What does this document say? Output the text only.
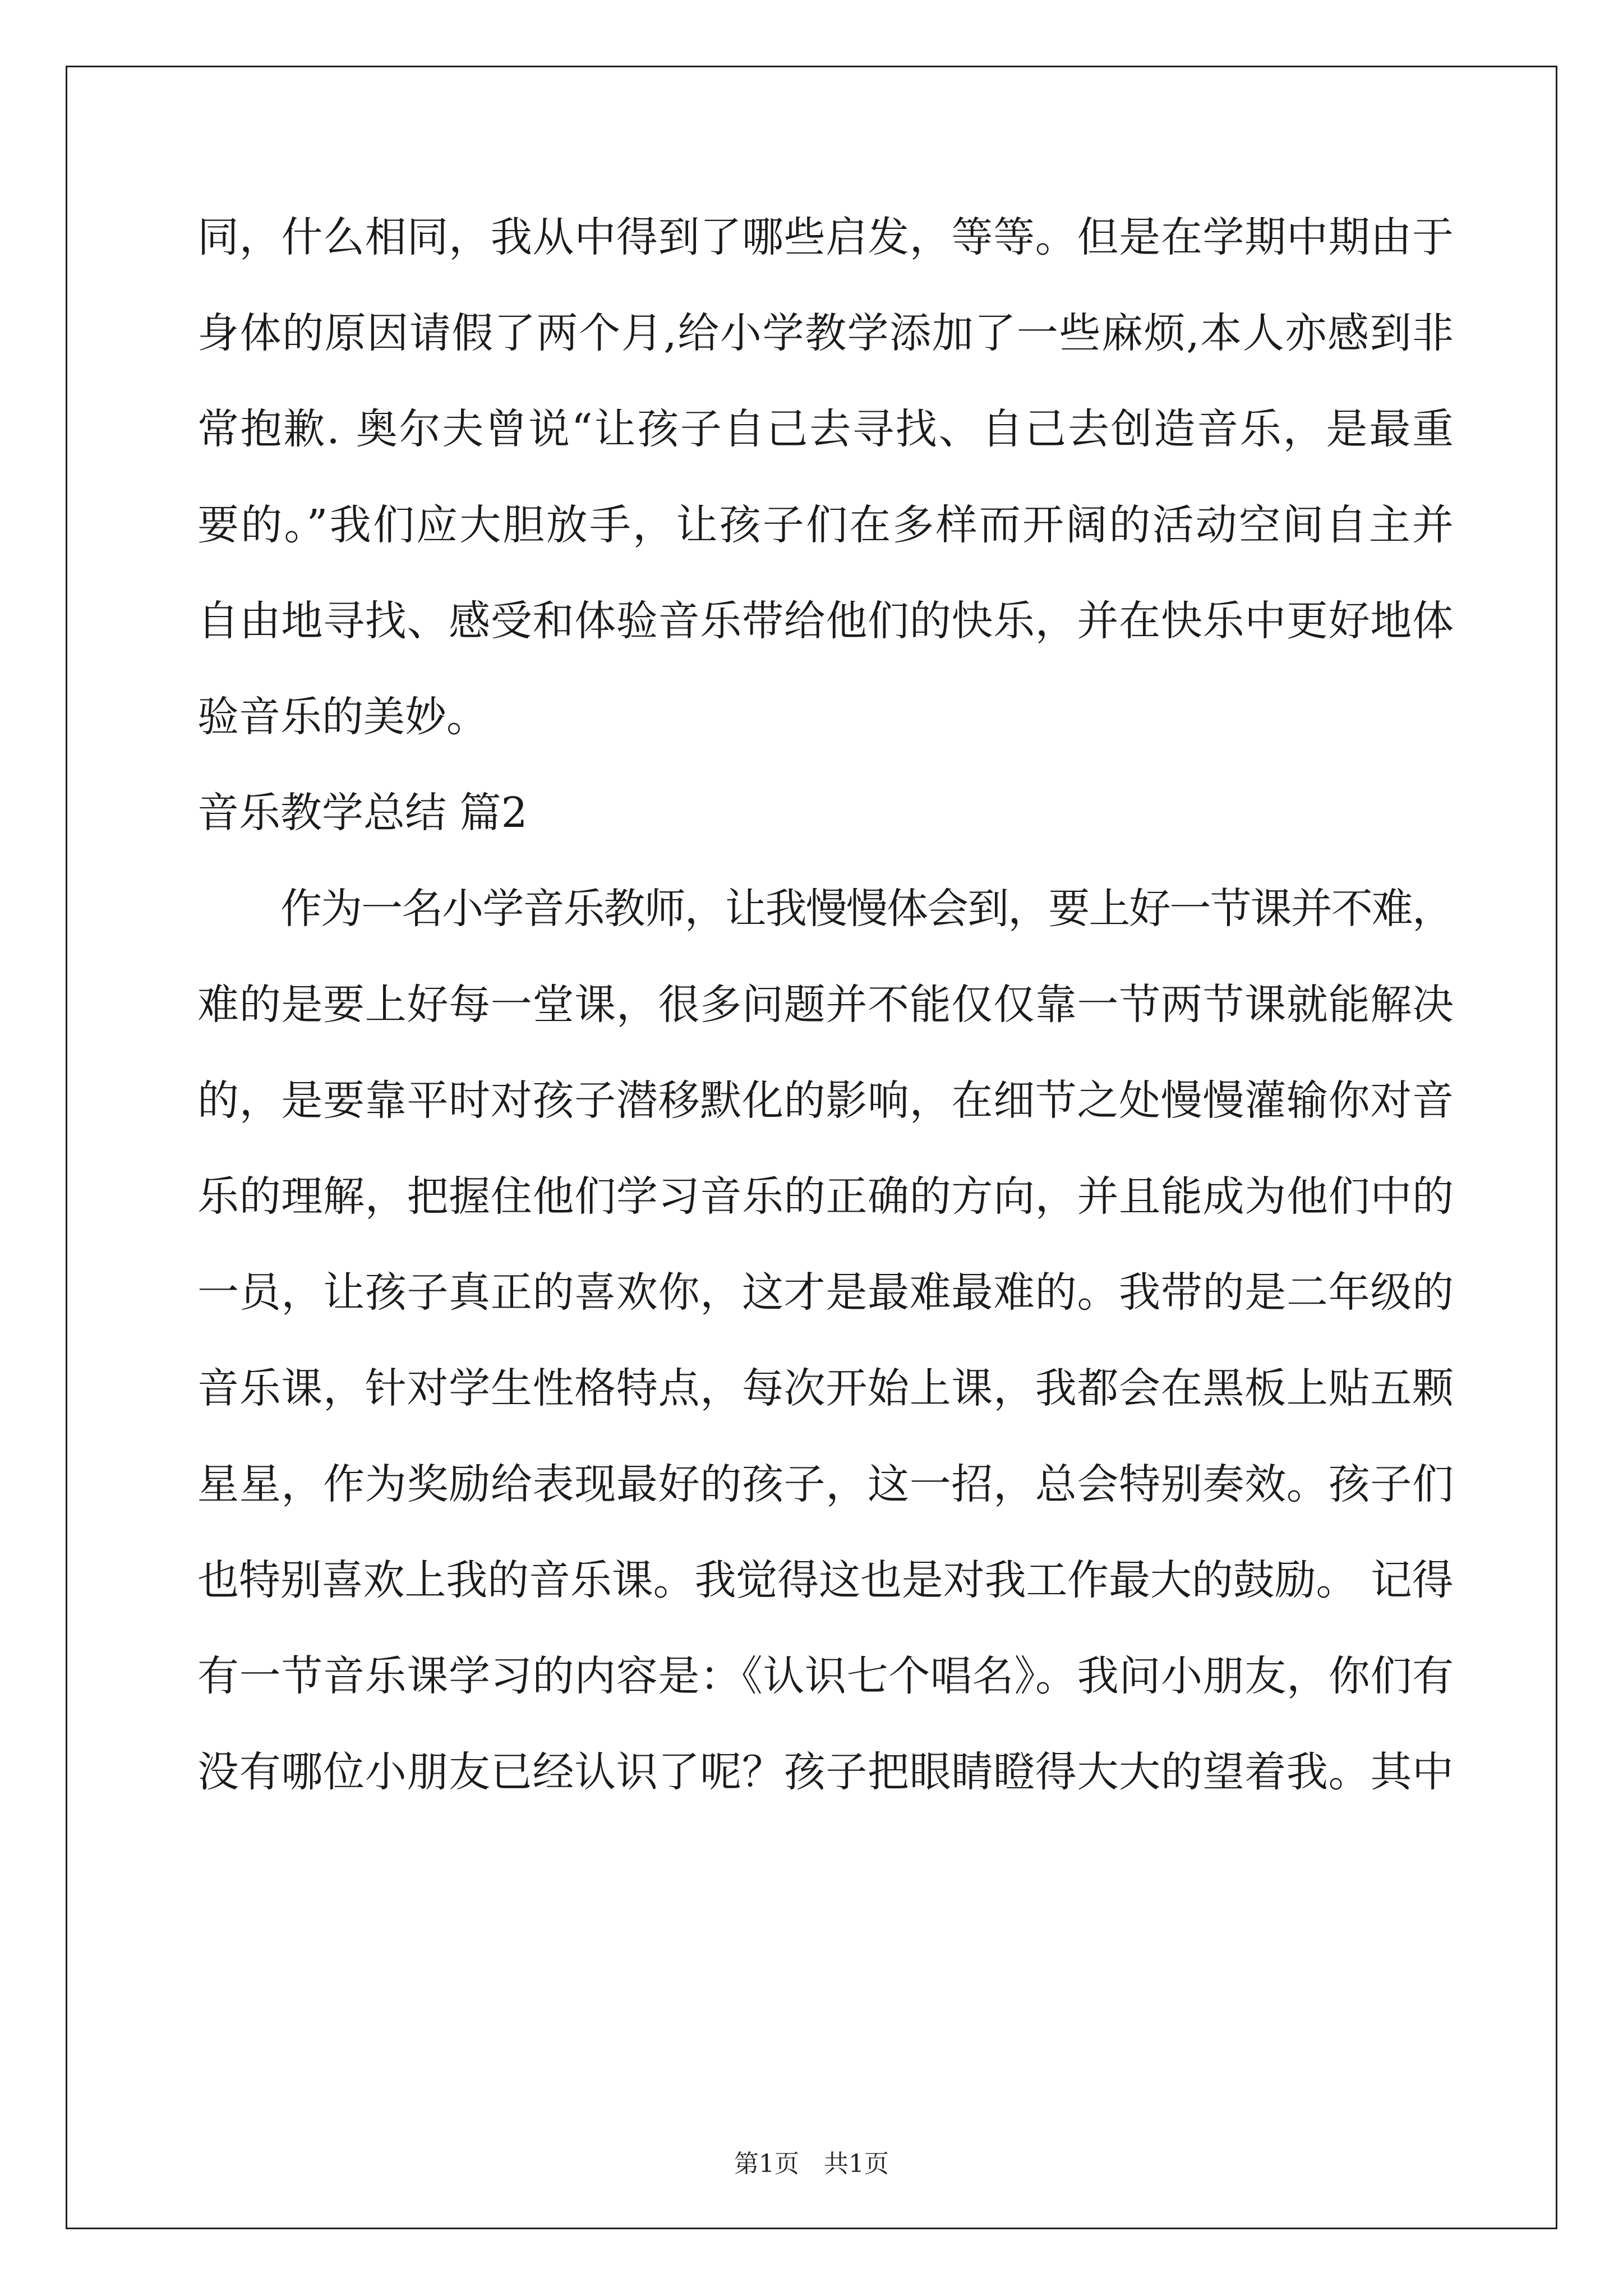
同，什么相同，我从中得到了哪些启发，等等。但是在学期中期由于
身体的原因请假了两个月,给小学教学添加了一些麻烦,本人亦感到非
常抱歉. 奥尔夫曾说“让孩子自己去寻找、自己去创造音乐，是最重
要的。”我们应大胆放手，让孩子们在多样而开阔的活动空间自主并
自由地寻找、感受和体验音乐带给他们的快乐，并在快乐中更好地体
验音乐的美妙。
音乐教学总结 篇2
作为一名小学音乐教师，让我慢慢体会到，要上好一节课并不难，
难的是要上好每一堂课，很多问题并不能仅仅靠一节两节课就能解决
的，是要靠平时对孩子潜移默化的影响，在细节之处慢慢灌输你对音
乐的理解，把握住他们学习音乐的正确的方向，并且能成为他们中的
一员，让孩子真正的喜欢你，这才是最难最难的。我带的是二年级的
音乐课，针对学生性格特点，每次开始上课，我都会在黑板上贴五颗
星星，作为奖励给表现最好的孩子，这一招，总会特别奏效。孩子们
也特别喜欢上我的音乐课。我觉得这也是对我工作最大的鼓励。 记得
有一节音乐课学习的内容是：《认识七个唱名》。我问小朋友，你们有
没有哪位小朋友已经认识了呢？孩子把眼睛瞪得大大的望着我。其中
第1页 共1页
